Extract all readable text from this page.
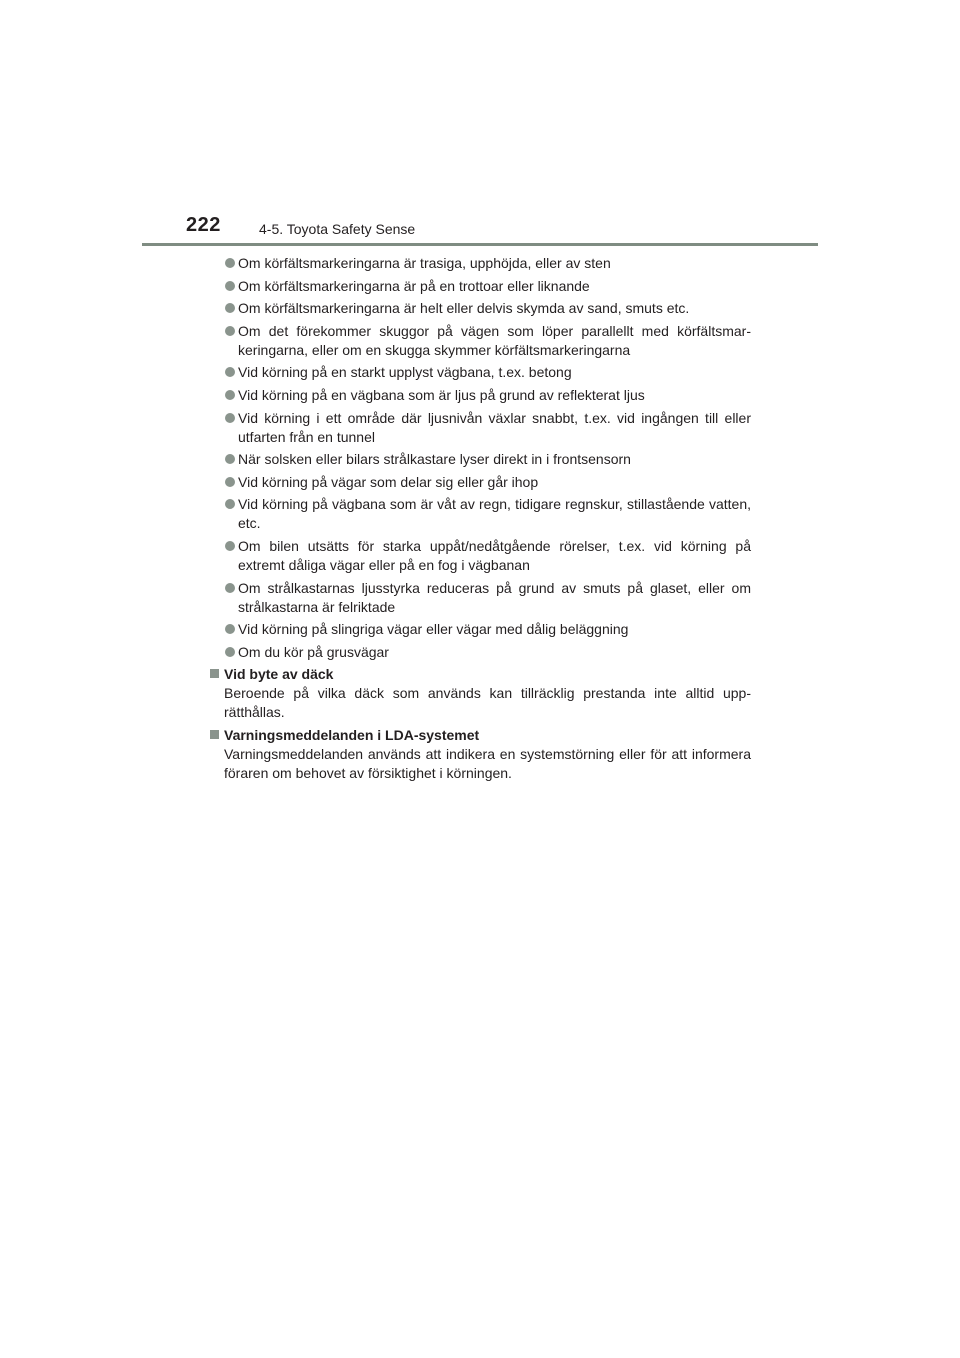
222	4-5. Toyota Safety Sense
Om körfältsmarkeringarna är trasiga, upphöjda, eller av sten
Om körfältsmarkeringarna är på en trottoar eller liknande
Om körfältsmarkeringarna är helt eller delvis skymda av sand, smuts etc.
Om det förekommer skuggor på vägen som löper parallellt med körfältsmar-keringarna, eller om en skugga skymmer körfältsmarkeringarna
Vid körning på en starkt upplyst vägbana, t.ex. betong
Vid körning på en vägbana som är ljus på grund av reflekterat ljus
Vid körning i ett område där ljusnivån växlar snabbt, t.ex. vid ingången till eller utfarten från en tunnel
När solsken eller bilars strålkastare lyser direkt in i frontsensorn
Vid körning på vägar som delar sig eller går ihop
Vid körning på vägbana som är våt av regn, tidigare regnskur, stillastående vatten, etc.
Om bilen utsätts för starka uppåt/nedåtgående rörelser, t.ex. vid körning på extremt dåliga vägar eller på en fog i vägbanan
Om strålkastarnas ljusstyrka reduceras på grund av smuts på glaset, eller om strålkastarna är felriktade
Vid körning på slingriga vägar eller vägar med dålig beläggning
Om du kör på grusvägar
Vid byte av däck
Beroende på vilka däck som används kan tillräcklig prestanda inte alltid upp-rätthållas.
Varningsmeddelanden i LDA-systemet
Varningsmeddelanden används att indikera en systemstörning eller för att informera föraren om behovet av försiktighet i körningen.
